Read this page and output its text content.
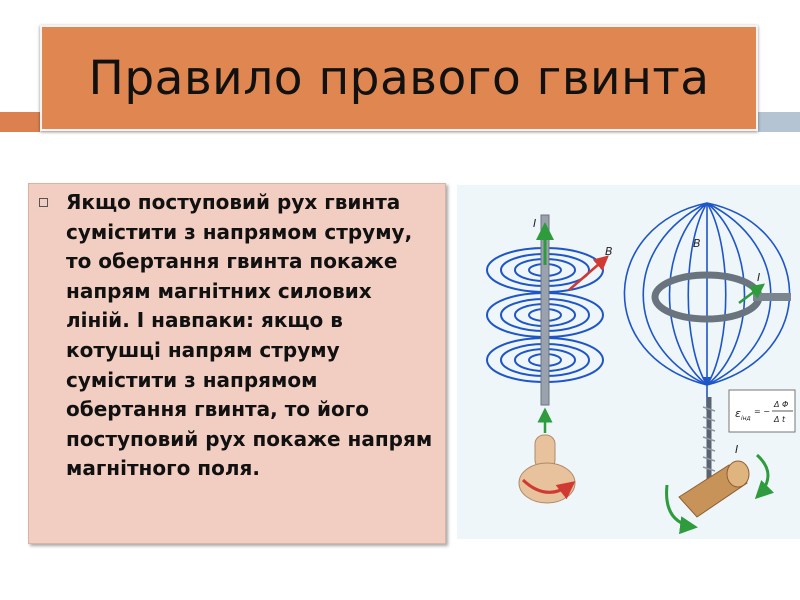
Правило правого гвинта

Якщо поступовий рух гвинта сумістити з напрямом струму, то обертання гвинта покаже напрям магнітних силових ліній. І навпаки: якщо в котушці напрям струму сумістити з напрямом обертання гвинта, то його поступовий рух покаже напрям магнітного поля.

I
B
I
B
$\varepsilon_{інд}$
= −
Δ Φ
Δ t
I
